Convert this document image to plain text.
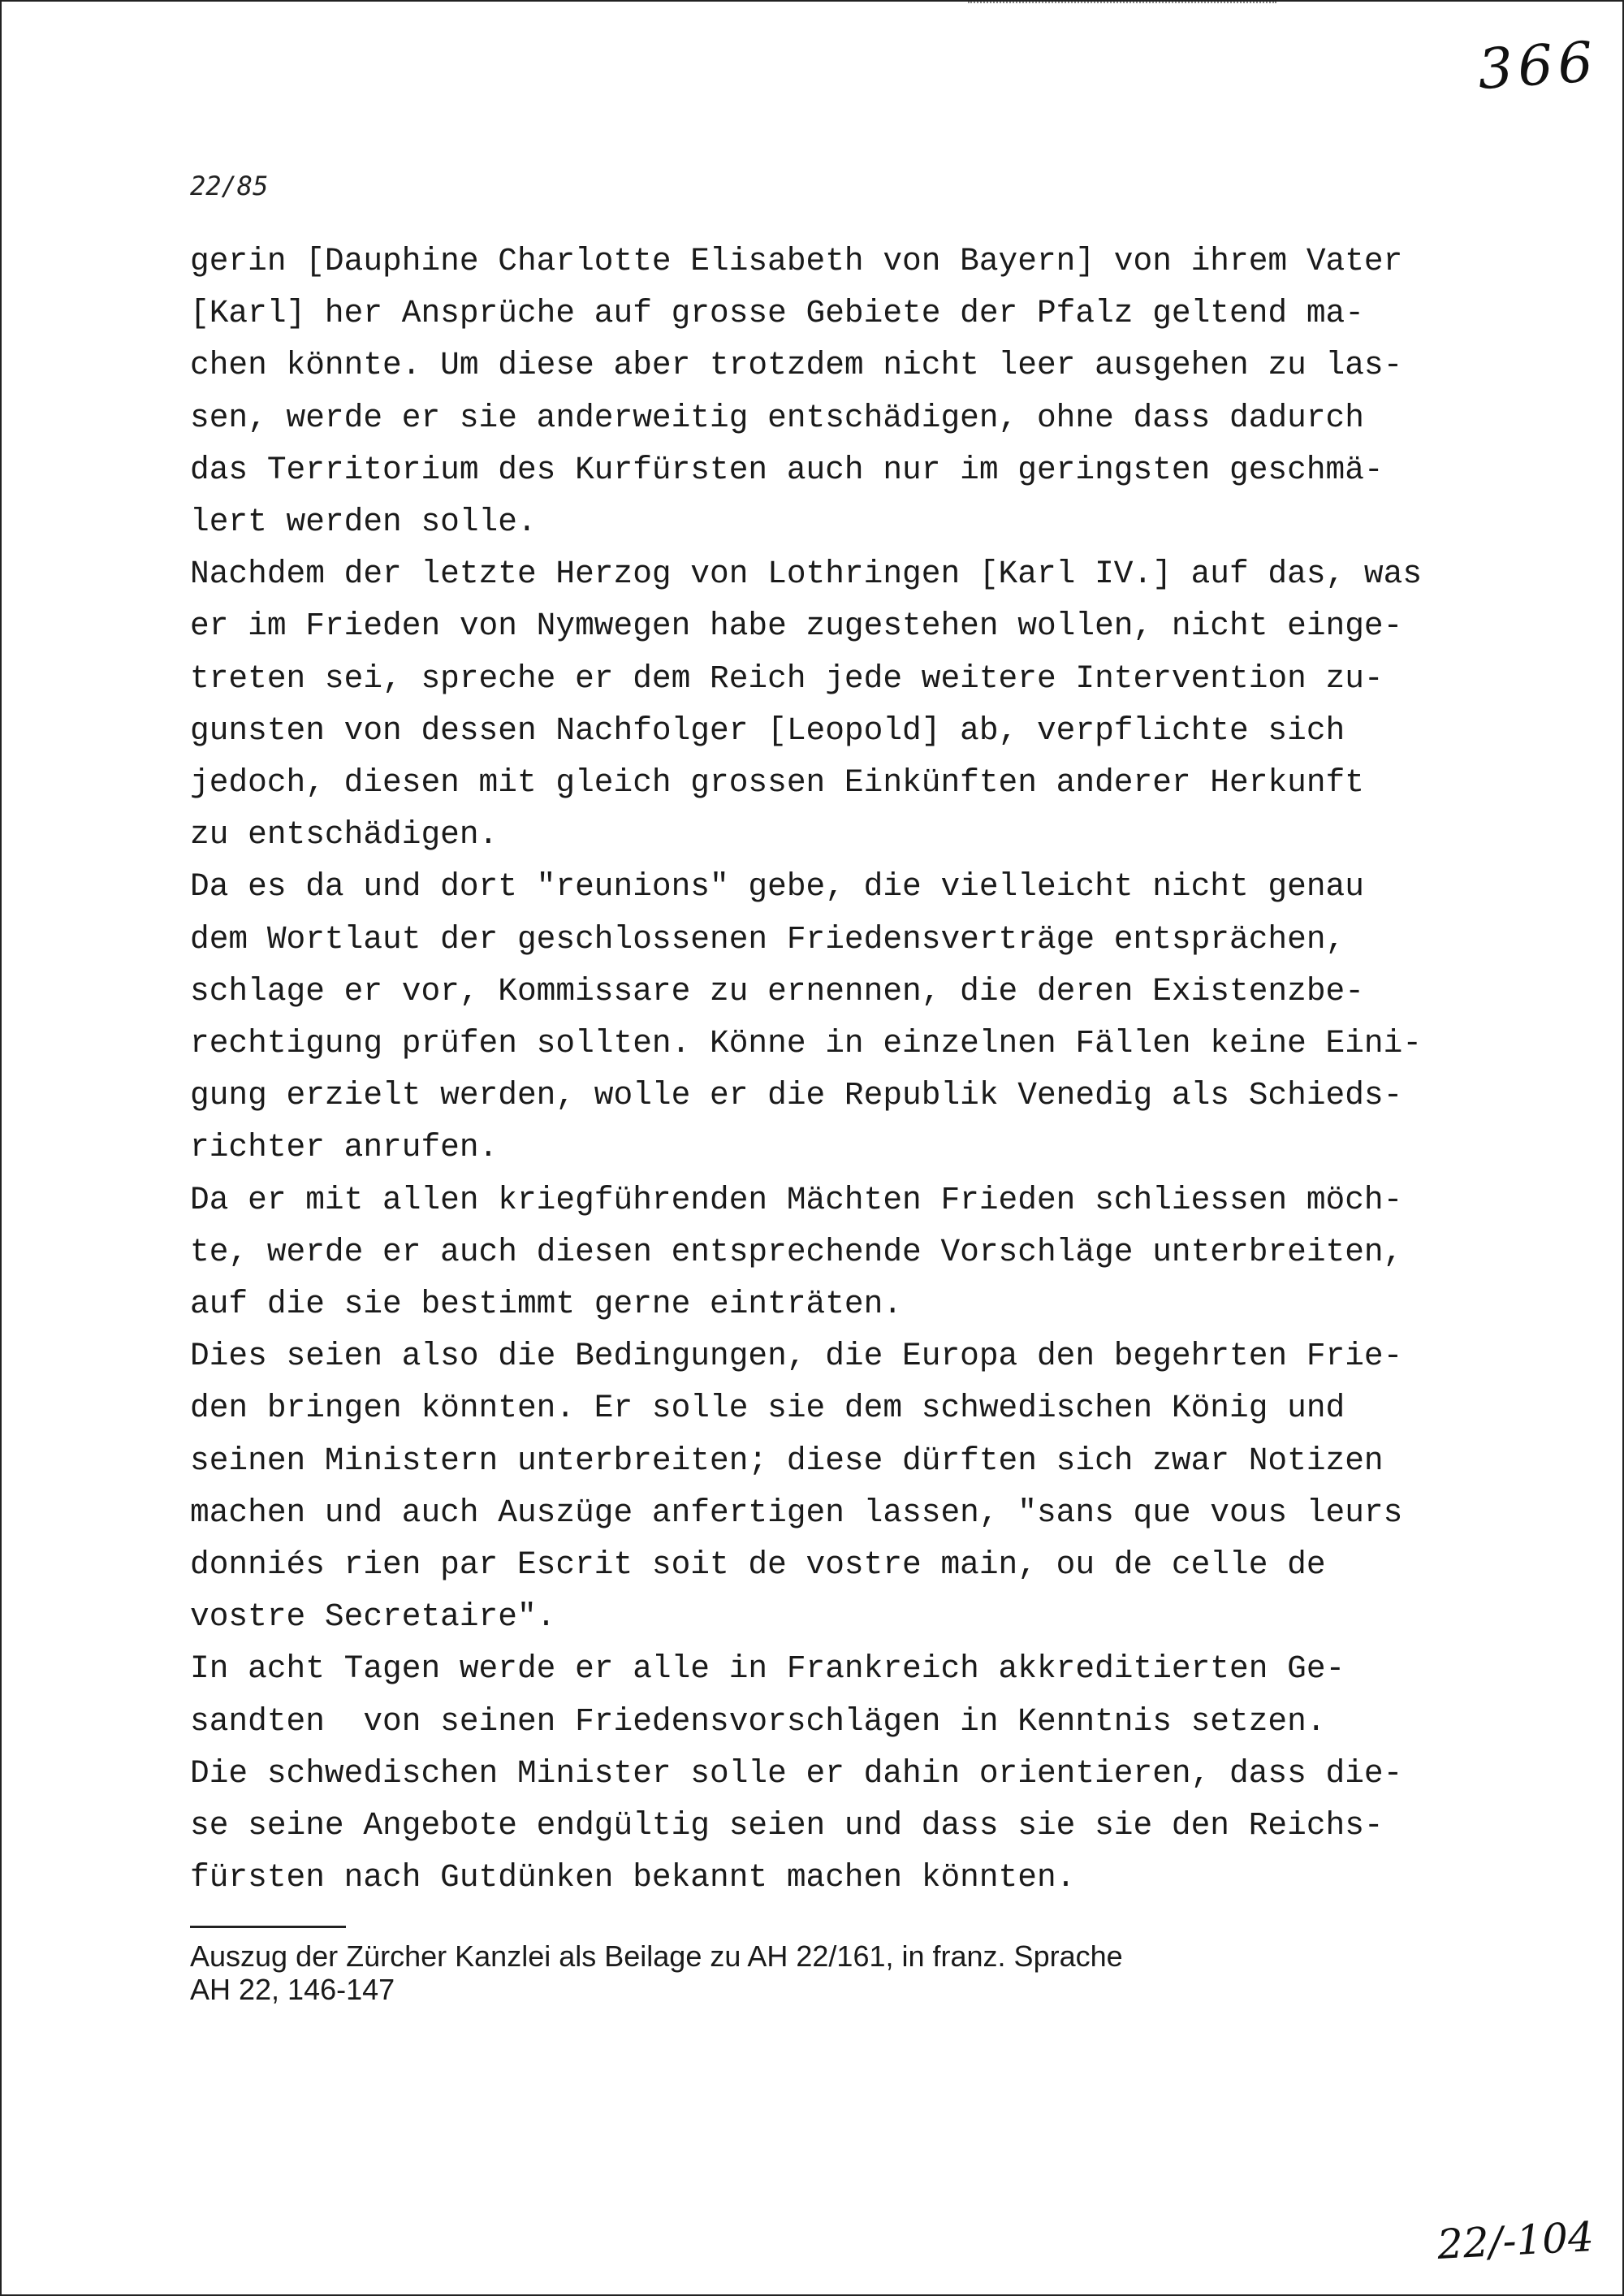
366
22/85
gerin [Dauphine Charlotte Elisabeth von Bayern] von ihrem Vater
[Karl] her Ansprüche auf grosse Gebiete der Pfalz geltend ma-
chen könnte. Um diese aber trotzdem nicht leer ausgehen zu las-
sen, werde er sie anderweitig entschädigen, ohne dass dadurch
das Territorium des Kurfürsten auch nur im geringsten geschmä-
lert werden solle.
Nachdem der letzte Herzog von Lothringen [Karl IV.] auf das, was
er im Frieden von Nymwegen habe zugestehen wollen, nicht einge-
treten sei, spreche er dem Reich jede weitere Intervention zu-
gunsten von dessen Nachfolger [Leopold] ab, verpflichte sich
jedoch, diesen mit gleich grossen Einkünften anderer Herkunft
zu entschädigen.
Da es da und dort "reunions" gebe, die vielleicht nicht genau
dem Wortlaut der geschlossenen Friedensverträge entsprächen,
schlage er vor, Kommissare zu ernennen, die deren Existenzbe-
rechtigung prüfen sollten. Könne in einzelnen Fällen keine Eini-
gung erzielt werden, wolle er die Republik Venedig als Schieds-
richter anrufen.
Da er mit allen kriegführenden Mächten Frieden schliessen möch-
te, werde er auch diesen entsprechende Vorschläge unterbreiten,
auf die sie bestimmt gerne einträten.
Dies seien also die Bedingungen, die Europa den begehrten Frie-
den bringen könnten. Er solle sie dem schwedischen König und
seinen Ministern unterbreiten; diese dürften sich zwar Notizen
machen und auch Auszüge anfertigen lassen, "sans que vous leurs
donniés rien par Escrit soit de vostre main, ou de celle de
vostre Secretaire".
In acht Tagen werde er alle in Frankreich akkreditierten Ge-
sandten  von seinen Friedensvorschlägen in Kenntnis setzen.
Die schwedischen Minister solle er dahin orientieren, dass die-
se seine Angebote endgültig seien und dass sie sie den Reichs-
fürsten nach Gutdünken bekannt machen könnten.
Auszug der Zürcher Kanzlei als Beilage zu AH 22/161, in franz. Sprache
AH 22, 146-147
22/-104
